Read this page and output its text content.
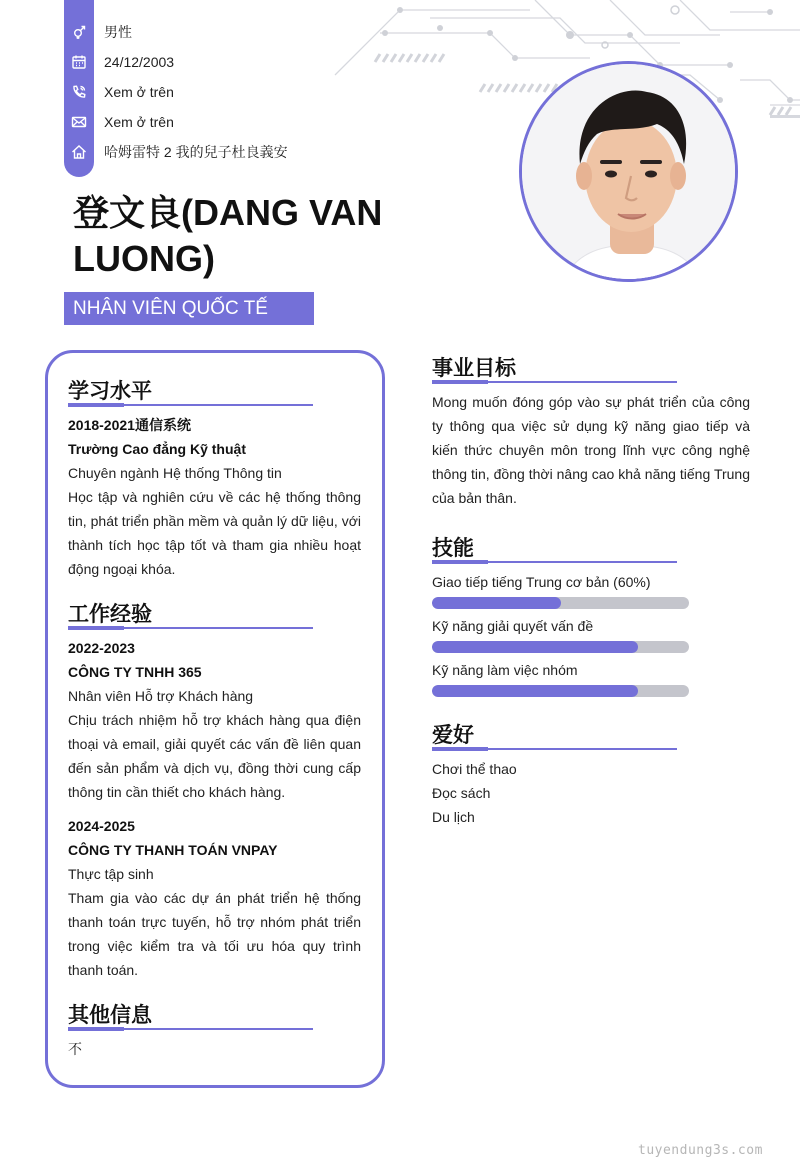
男性
24/12/2003
Xem ở trên
Xem ở trên
哈姆雷特 2 我的兒子杜良義安
登文良(DANG VAN LUONG)
NHÂN VIÊN QUỐC TẾ
学习水平
2018-2021通信系统
Trường Cao đẳng Kỹ thuật
Chuyên ngành Hệ thống Thông tin
Học tập và nghiên cứu về các hệ thống thông tin, phát triển phần mềm và quản lý dữ liệu, với thành tích học tập tốt và tham gia nhiều hoạt động ngoại khóa.
工作经验
2022-2023
CÔNG TY TNHH 365
Nhân viên Hỗ trợ Khách hàng
Chịu trách nhiệm hỗ trợ khách hàng qua điện thoại và email, giải quyết các vấn đề liên quan đến sản phẩm và dịch vụ, đồng thời cung cấp thông tin cần thiết cho khách hàng.
2024-2025
CÔNG TY THANH TOÁN VNPAY
Thực tập sinh
Tham gia vào các dự án phát triển hệ thống thanh toán trực tuyến, hỗ trợ nhóm phát triển trong việc kiểm tra và tối ưu hóa quy trình thanh toán.
其他信息
不
事业目标
Mong muốn đóng góp vào sự phát triển của công ty thông qua việc sử dụng kỹ năng giao tiếp và kiến thức chuyên môn trong lĩnh vực công nghệ thông tin, đồng thời nâng cao khả năng tiếng Trung của bản thân.
技能
Giao tiếp tiếng Trung cơ bản (60%)
Kỹ năng giải quyết vấn đề
Kỹ năng làm việc nhóm
爱好
Chơi thể thao
Đọc sách
Du lịch
tuyendung3s.com
